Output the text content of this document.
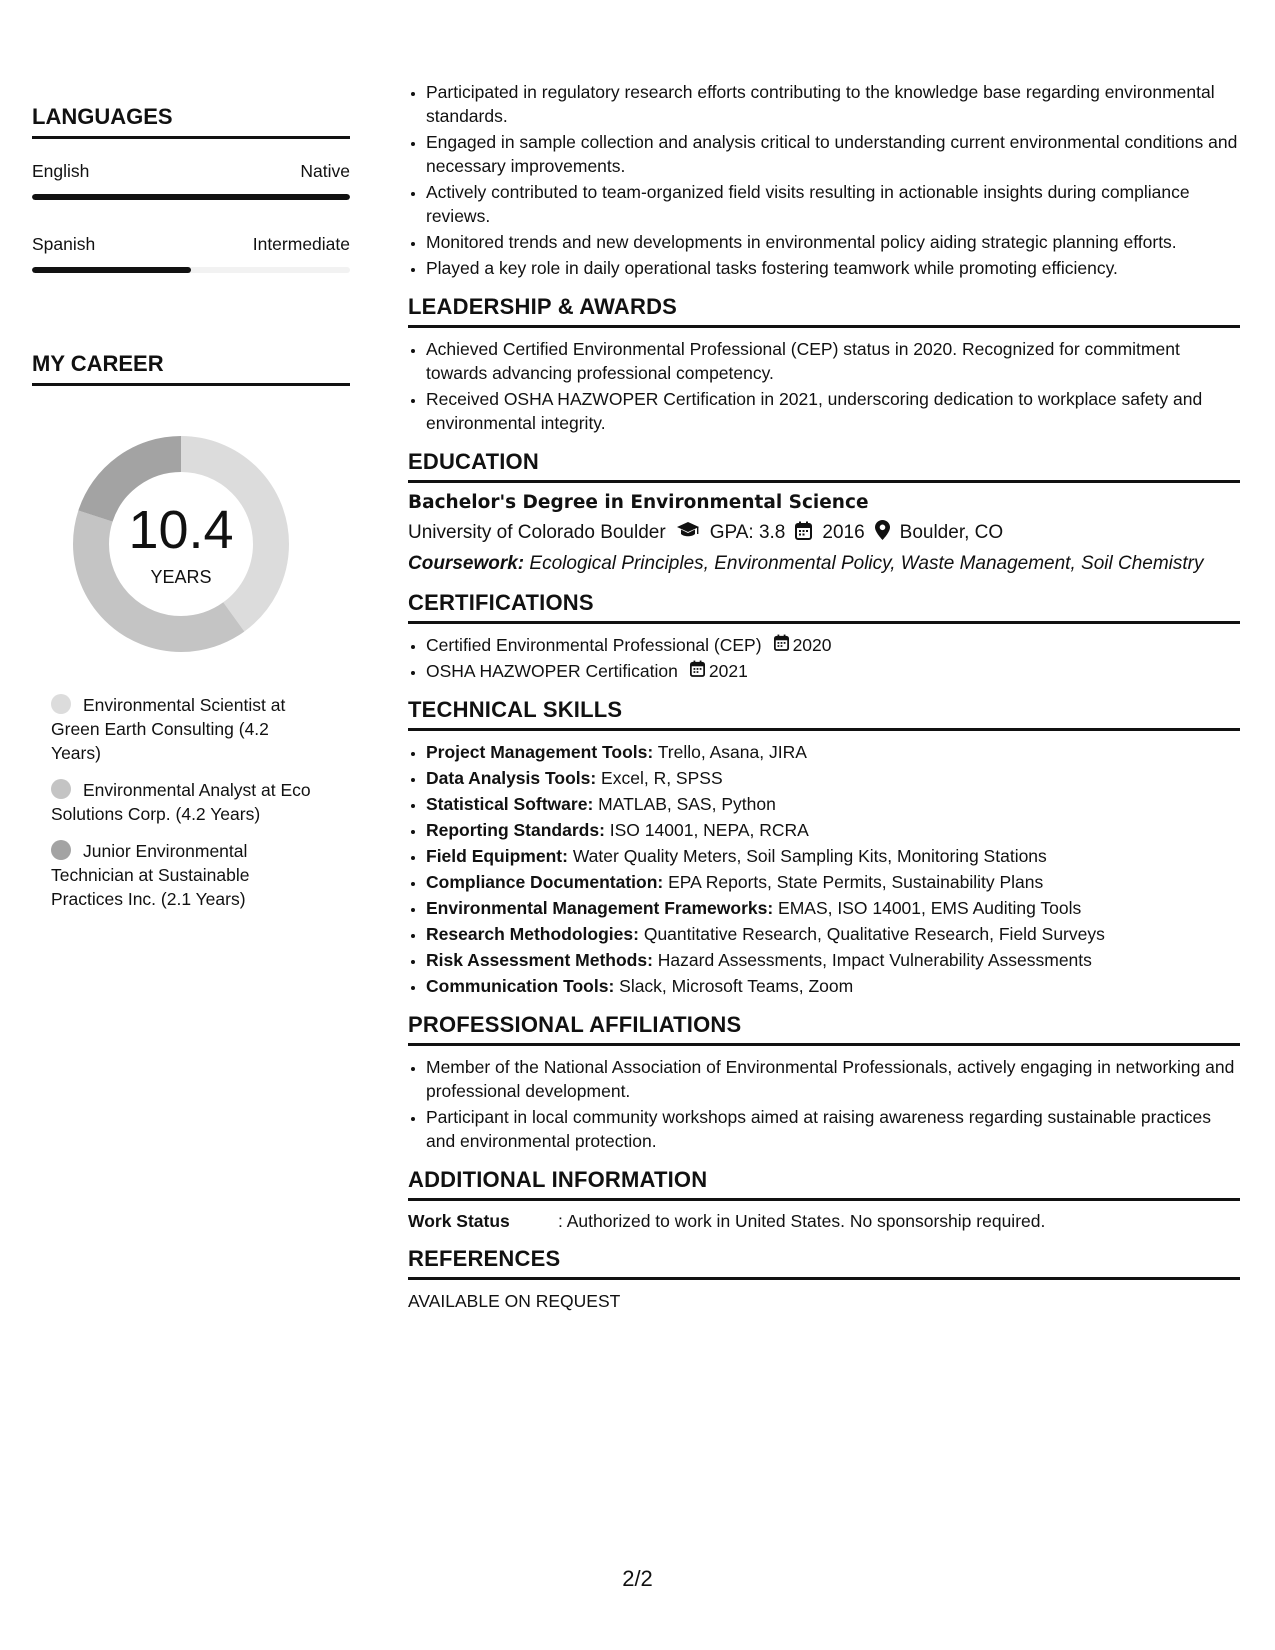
LANGUAGES
English	Native
Spanish	Intermediate
MY CAREER
10.4
YEARS
Environmental Scientist at Green Earth Consulting (4.2 Years)
Environmental Analyst at Eco Solutions Corp. (4.2 Years)
Junior Environmental Technician at Sustainable Practices Inc. (2.1 Years)
• Participated in regulatory research efforts contributing to the knowledge base regarding environmental standards.
• Engaged in sample collection and analysis critical to understanding current environmental conditions and necessary improvements.
• Actively contributed to team-organized field visits resulting in actionable insights during compliance reviews.
• Monitored trends and new developments in environmental policy aiding strategic planning efforts.
• Played a key role in daily operational tasks fostering teamwork while promoting efficiency.
LEADERSHIP & AWARDS
• Achieved Certified Environmental Professional (CEP) status in 2020. Recognized for commitment towards advancing professional competency.
• Received OSHA HAZWOPER Certification in 2021, underscoring dedication to workplace safety and environmental integrity.
EDUCATION
Bachelor's Degree in Environmental Science
University of Colorado Boulder GPA: 3.8 2016 Boulder, CO
Coursework: Ecological Principles, Environmental Policy, Waste Management, Soil Chemistry
CERTIFICATIONS
• Certified Environmental Professional (CEP) 2020
• OSHA HAZWOPER Certification 2021
TECHNICAL SKILLS
• Project Management Tools: Trello, Asana, JIRA
• Data Analysis Tools: Excel, R, SPSS
• Statistical Software: MATLAB, SAS, Python
• Reporting Standards: ISO 14001, NEPA, RCRA
• Field Equipment: Water Quality Meters, Soil Sampling Kits, Monitoring Stations
• Compliance Documentation: EPA Reports, State Permits, Sustainability Plans
• Environmental Management Frameworks: EMAS, ISO 14001, EMS Auditing Tools
• Research Methodologies: Quantitative Research, Qualitative Research, Field Surveys
• Risk Assessment Methods: Hazard Assessments, Impact Vulnerability Assessments
• Communication Tools: Slack, Microsoft Teams, Zoom
PROFESSIONAL AFFILIATIONS
• Member of the National Association of Environmental Professionals, actively engaging in networking and professional development.
• Participant in local community workshops aimed at raising awareness regarding sustainable practices and environmental protection.
ADDITIONAL INFORMATION
Work Status	: Authorized to work in United States. No sponsorship required.
REFERENCES
AVAILABLE ON REQUEST
2/2
